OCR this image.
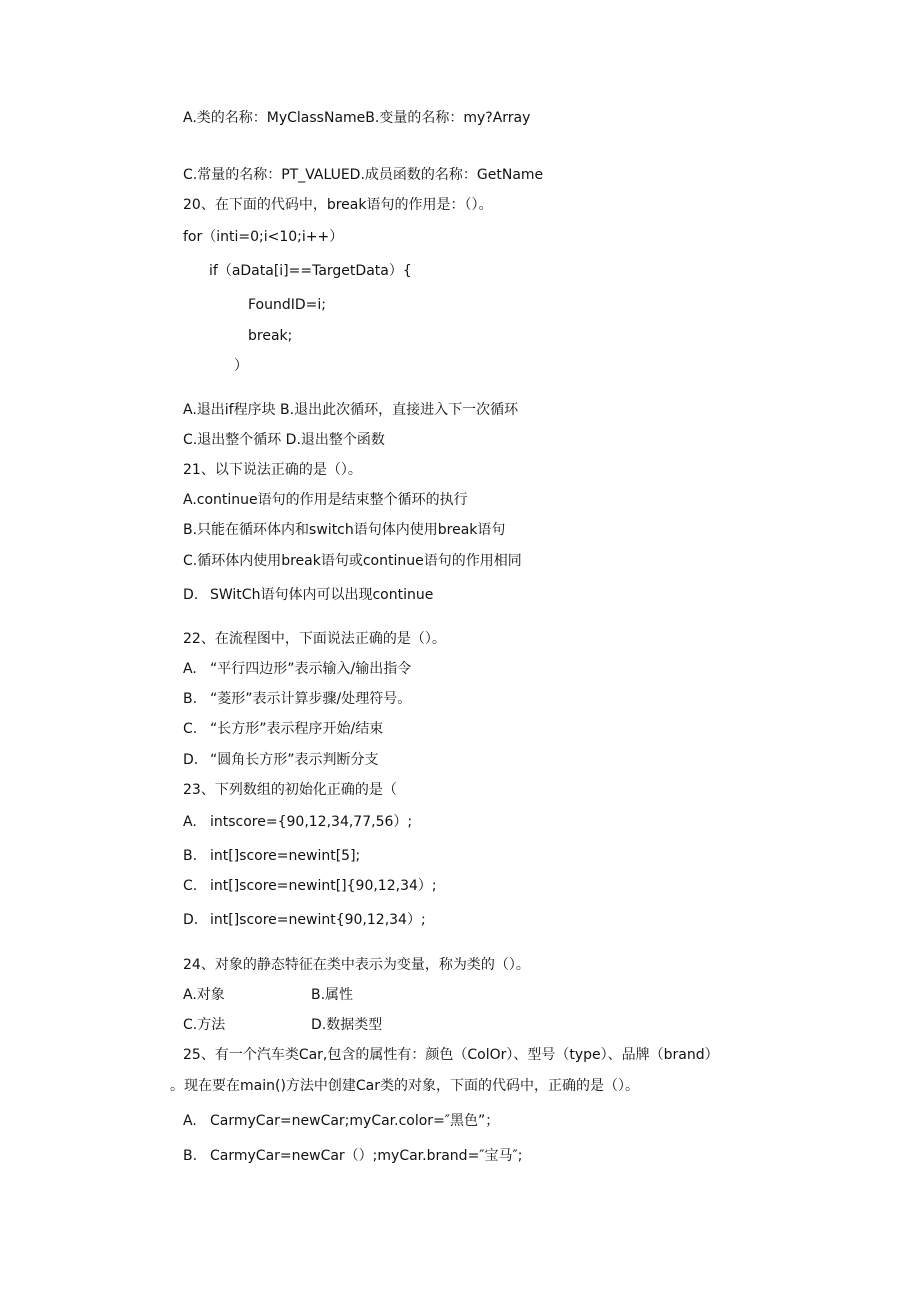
A.类的名称：MyClassNameB.变量的名称：my?Array
C.常量的名称：PT_VALUED.成员函数的名称：GetName
20、在下面的代码中，break语句的作用是：（）。
for（inti=0;i<10;i++）
if（aData[i]==TargetData）{
FoundID=i;
break;
）
A.退出if程序块 B.退出此次循环，直接进入下一次循环
C.退出整个循环 D.退出整个函数
21、以下说法正确的是（）。
A.continue语句的作用是结束整个循环的执行
B.只能在循环体内和switch语句体内使用break语句
C.循环体内使用break语句或continue语句的作用相同
D. SWitCh语句体内可以出现continue
22、在流程图中，下面说法正确的是（）。
A. “平行四边形”表示输入/输出指令
B. “菱形”表示计算步骤/处理符号。
C. “长方形”表示程序开始/结束
D. “圆角长方形”表示判断分支
23、下列数组的初始化正确的是（
A. intscore={90,12,34,77,56）;
B. int[]score=newint[5];
C. int[]score=newint[]{90,12,34）;
D. int[]score=newint{90,12,34）;
24、对象的静态特征在类中表示为变量，称为类的（）。
A.对象	B.属性
C.方法	D.数据类型
25、有一个汽车类Car,包含的属性有：颜色（ColOr）、型号（type）、品牌（brand）
。现在要在main()方法中创建Car类的对象，下面的代码中，正确的是（）。
A. CarmyCar=newCar;myCar.color=″黑色”；
B. CarmyCar=newCar（）;myCar.brand=″宝马″;
